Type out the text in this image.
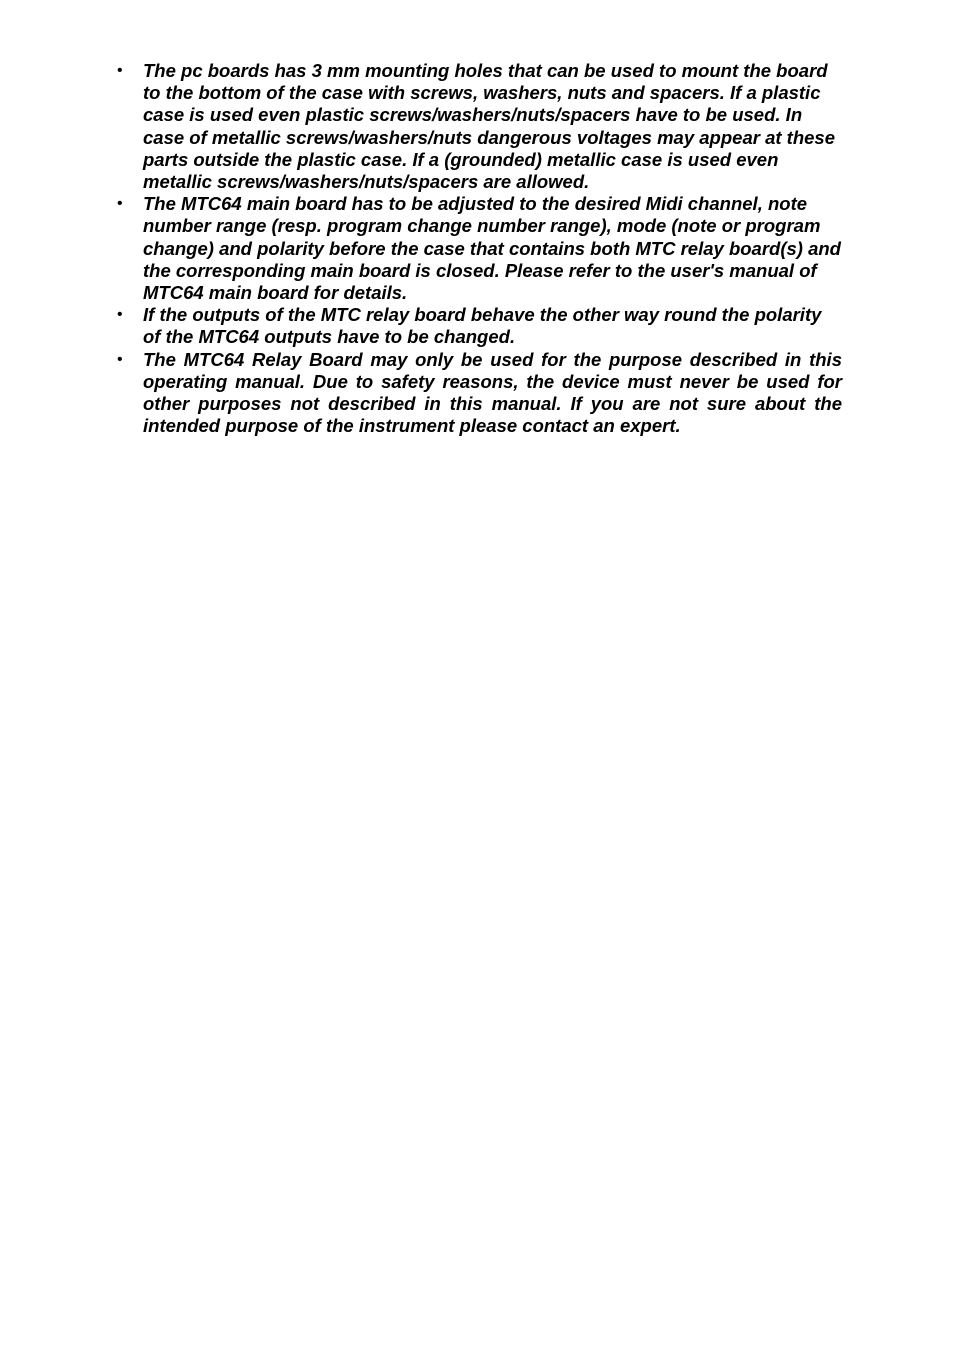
• The pc boards has 3 mm mounting holes that can be used to mount the board to the bottom of the case with screws, washers, nuts and spacers. If a plastic case is used even plastic screws/washers/nuts/spacers have to be used. In case of metallic screws/washers/nuts dangerous voltages may appear at these parts outside the plastic case. If a (grounded) metallic case is used even metallic screws/washers/nuts/spacers are allowed.
• The MTC64 main board has to be adjusted to the desired Midi channel, note number range (resp. program change number range), mode (note or program change) and polarity before the case that contains both MTC relay board(s) and the corresponding main board is closed. Please refer to the user's manual of MTC64 main board for details.
• If the outputs of the MTC relay board behave the other way round the polarity of the MTC64 outputs have to be changed.
• The MTC64 Relay Board may only be used for the purpose described in this operating manual. Due to safety reasons, the device must never be used for other purposes not described in this manual. If you are not sure about the intended purpose of the instrument please contact an expert.
